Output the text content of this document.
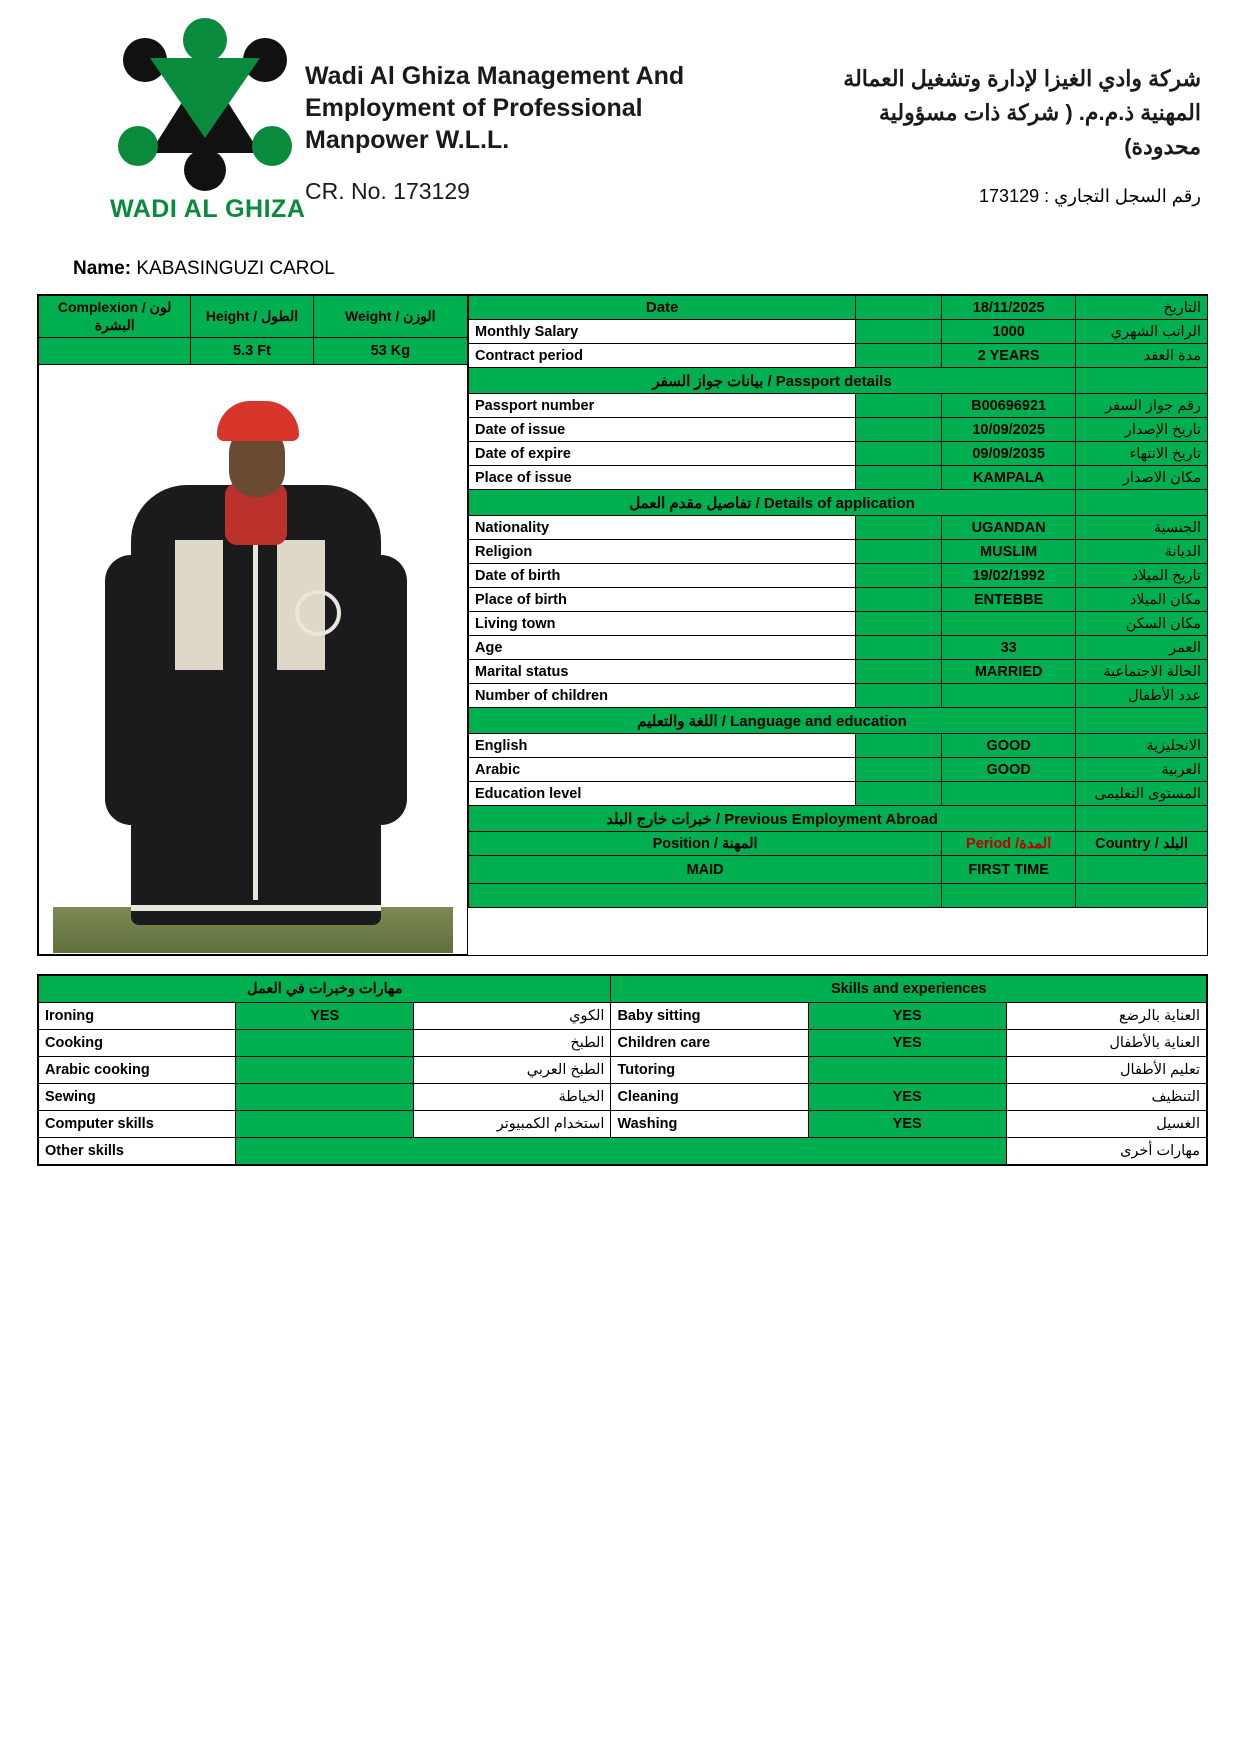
WADI AL GHIZA
Wadi Al Ghiza Management And
Employment of Professional
Manpower W.L.L.
CR. No. 173129
شركة وادي الغيزا لإدارة وتشغيل العمالة
المهنية ذ.م.م. ( شركة ذات مسؤولية
محدودة)
رقم السجل التجاري : 173129
Name: KABASINGUZI CAROL
Complexion / لون البشرة	Height / الطول	Weight / الوزن
	5.3 Ft	53 Kg

Date		18/11/2025	التاريخ
Monthly Salary		1000	الراتب الشهري
Contract period		2 YEARS	مدة العقد
بيانات جواز السفر / Passport details			
Passport number		B00696921	رقم جواز السفر
Date of issue		10/09/2025	تاريخ الإصدار
Date of expire		09/09/2035	تاريخ الانتهاء
Place of issue		KAMPALA	مكان الاصدار
تفاصيل مقدم العمل / Details of application			
Nationality		UGANDAN	الجنسية
Religion		MUSLIM	الديانة
Date of birth		19/02/1992	تاريخ الميلاد
Place of birth		ENTEBBE	مكان الميلاد
Living town			مكان السكن
Age		33	العمر
Marital status		MARRIED	الحالة الاجتماعية
Number of children			عدد الأطفال
اللغة والتعليم / Language and education			
English		GOOD	الانجليزية
Arabic		GOOD	العربية
Education level			المستوى التعليمى
خبرات خارج البلد / Previous Employment Abroad			
Position / المهنة		Period /المدة	Country / البلد
MAID		FIRST TIME	

مهارات وخبرات في العمل			Skills and experiences		
Ironing	YES	الكوي	Baby sitting	YES	العناية بالرضع
Cooking		الطبخ	Children care	YES	العناية بالأطفال
Arabic cooking		الطبخ العربي	Tutoring		تعليم الأطفال
Sewing		الخياطة	Cleaning	YES	التنظيف
Computer skills		استخدام الكمبيوتر	Washing	YES	الغسيل
Other skills					مهارات أخرى
